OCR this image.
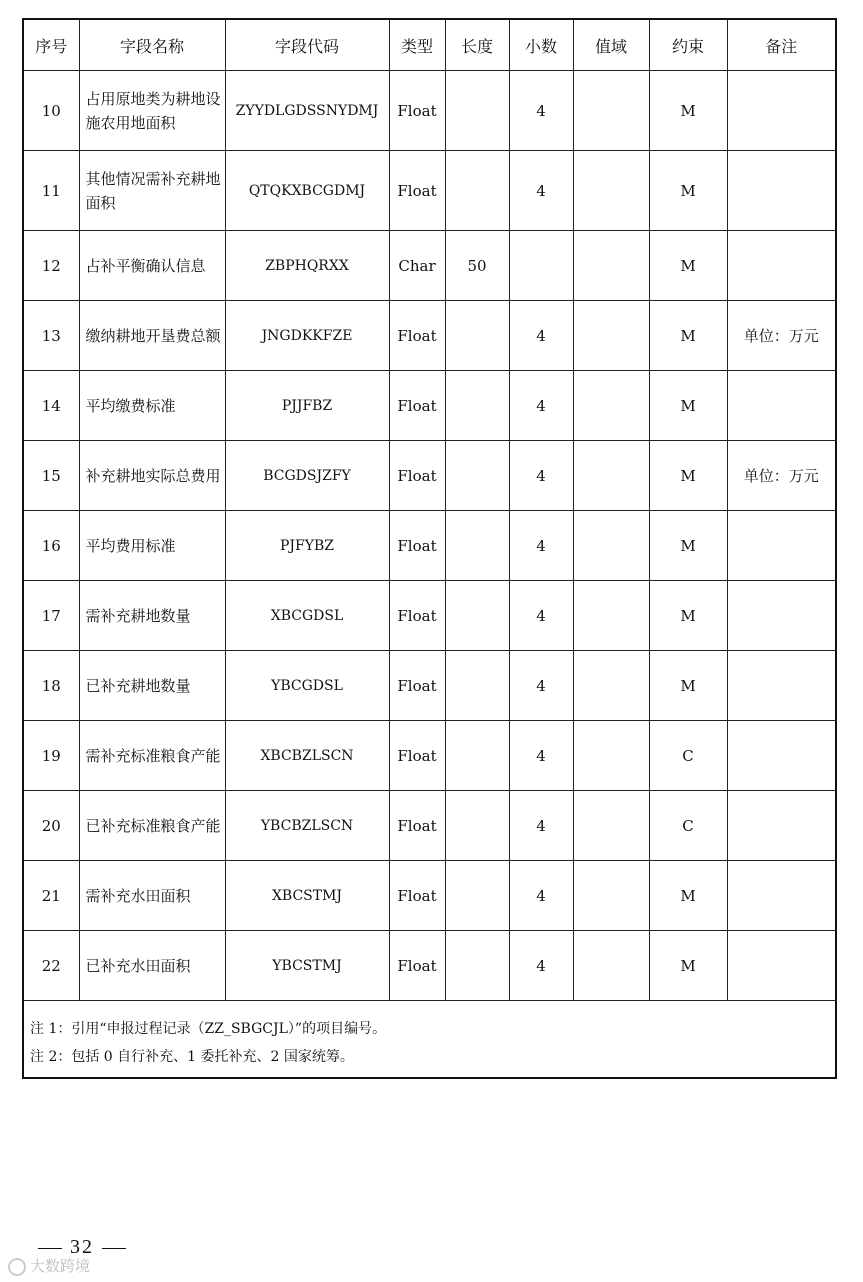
序号	字段名称	字段代码	类型	长度	小数	值域	约束	备注
10	占用原地类为耕地设施农用地面积	ZYYDLGDSSNYDMJ	Float		4		M	
11	其他情况需补充耕地面积	QTQKXBCGDMJ	Float		4		M	
12	占补平衡确认信息	ZBPHQRXX	Char	50			M	
13	缴纳耕地开垦费总额	JNGDKKFZE	Float		4		M	单位：万元
14	平均缴费标准	PJJFBZ	Float		4		M	
15	补充耕地实际总费用	BCGDSJZFY	Float		4		M	单位：万元
16	平均费用标准	PJFYBZ	Float		4		M	
17	需补充耕地数量	XBCGDSL	Float		4		M	
18	已补充耕地数量	YBCGDSL	Float		4		M	
19	需补充标准粮食产能	XBCBZLSCN	Float		4		C	
20	已补充标准粮食产能	YBCBZLSCN	Float		4		C	
21	需补充水田面积	XBCSTMJ	Float		4		M	
22	已补充水田面积	YBCSTMJ	Float		4		M	

注 1：引用“申报过程记录（ZZ_SBGCJL）”的项目编号。
注 2：包括 0 自行补充、1 委托补充、2 国家统筹。								
32
大数跨境
